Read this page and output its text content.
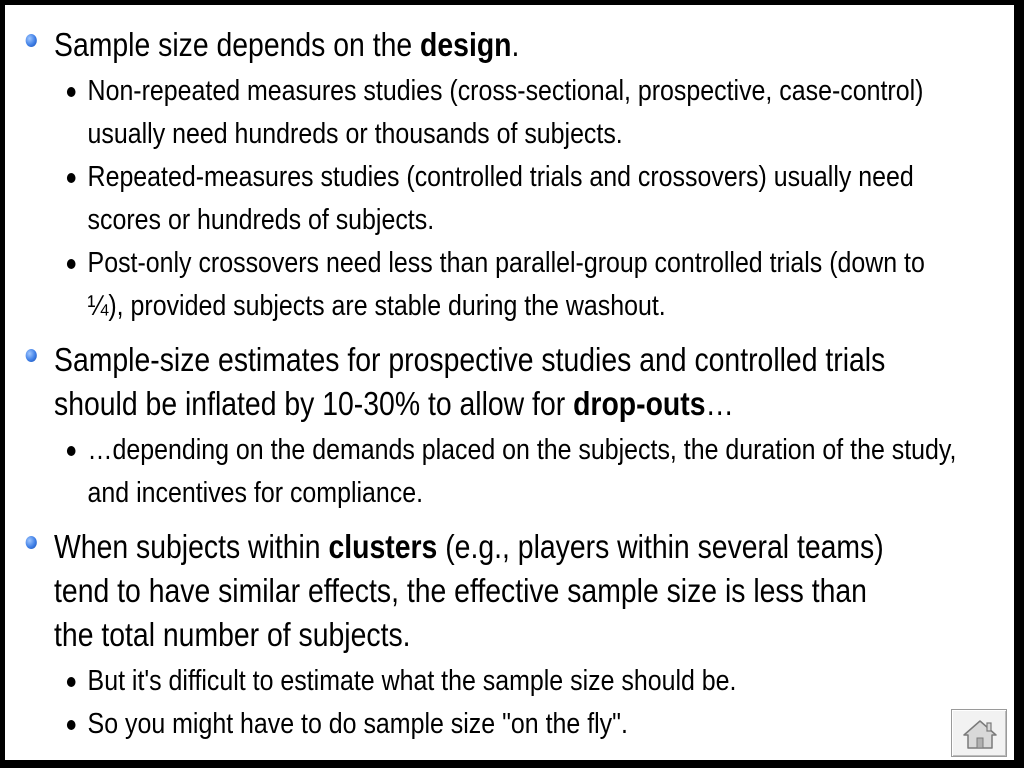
Sample size depends on the design.
Non-repeated measures studies (cross-sectional, prospective, case-control) usually need hundreds or thousands of subjects.
Repeated-measures studies (controlled trials and crossovers) usually need scores or hundreds of subjects.
Post-only crossovers need less than parallel-group controlled trials (down to ¼), provided subjects are stable during the washout.
Sample-size estimates for prospective studies and controlled trials should be inflated by 10-30% to allow for drop-outs…
…depending on the demands placed on the subjects, the duration of the study, and incentives for compliance.
When subjects within clusters (e.g., players within several teams) tend to have similar effects, the effective sample size is less than the total number of subjects.
But it's difficult to estimate what the sample size should be.
So you might have to do sample size "on the fly".
